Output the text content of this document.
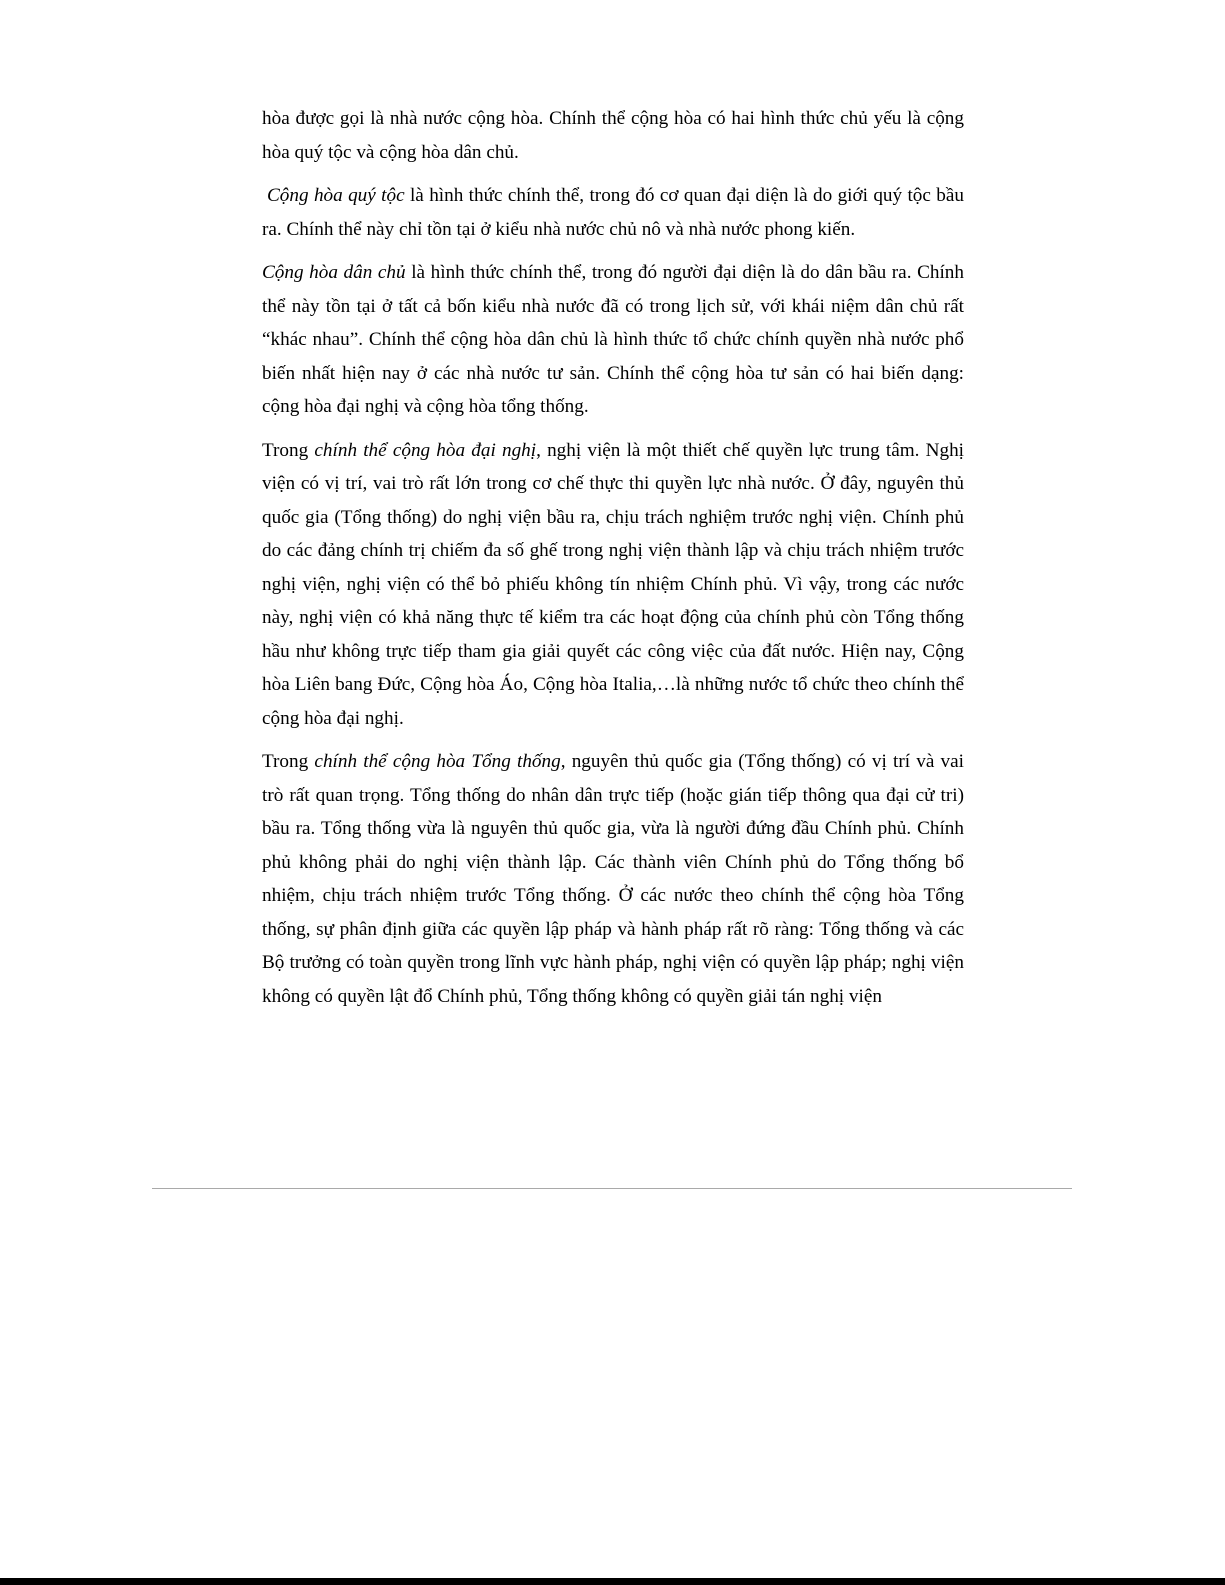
hòa được gọi là nhà nước cộng hòa. Chính thể cộng hòa có hai hình thức chủ yếu là cộng hòa quý tộc và cộng hòa dân chủ.

Cộng hòa quý tộc là hình thức chính thể, trong đó cơ quan đại diện là do giới quý tộc bầu ra. Chính thể này chỉ tồn tại ở kiểu nhà nước chủ nô và nhà nước phong kiến.

Cộng hòa dân chủ là hình thức chính thể, trong đó người đại diện là do dân bầu ra. Chính thể này tồn tại ở tất cả bốn kiểu nhà nước đã có trong lịch sử, với khái niệm dân chủ rất “khác nhau”. Chính thể cộng hòa dân chủ là hình thức tổ chức chính quyền nhà nước phổ biến nhất hiện nay ở các nhà nước tư sản. Chính thể cộng hòa tư sản có hai biến dạng: cộng hòa đại nghị và cộng hòa tổng thống.

Trong chính thể cộng hòa đại nghị, nghị viện là một thiết chế quyền lực trung tâm. Nghị viện có vị trí, vai trò rất lớn trong cơ chế thực thi quyền lực nhà nước. Ở đây, nguyên thủ quốc gia (Tổng thống) do nghị viện bầu ra, chịu trách nghiệm trước nghị viện. Chính phủ do các đảng chính trị chiếm đa số ghế trong nghị viện thành lập và chịu trách nhiệm trước nghị viện, nghị viện có thể bỏ phiếu không tín nhiệm Chính phủ. Vì vậy, trong các nước này, nghị viện có khả năng thực tế kiểm tra các hoạt động của chính phủ còn Tổng thống hầu như không trực tiếp tham gia giải quyết các công việc của đất nước. Hiện nay, Cộng hòa Liên bang Đức, Cộng hòa Áo, Cộng hòa Italia,…là những nước tổ chức theo chính thể cộng hòa đại nghị.

Trong chính thể cộng hòa Tổng thống, nguyên thủ quốc gia (Tổng thống) có vị trí và vai trò rất quan trọng. Tổng thống do nhân dân trực tiếp (hoặc gián tiếp thông qua đại cử tri) bầu ra. Tổng thống vừa là nguyên thủ quốc gia, vừa là người đứng đầu Chính phủ. Chính phủ không phải do nghị viện thành lập. Các thành viên Chính phủ do Tổng thống bổ nhiệm, chịu trách nhiệm trước Tổng thống. Ở các nước theo chính thể cộng hòa Tổng thống, sự phân định giữa các quyền lập pháp và hành pháp rất rõ ràng: Tổng thống và các Bộ trưởng có toàn quyền trong lĩnh vực hành pháp, nghị viện có quyền lập pháp; nghị viện không có quyền lật đổ Chính phủ, Tổng thống không có quyền giải tán nghị viện
